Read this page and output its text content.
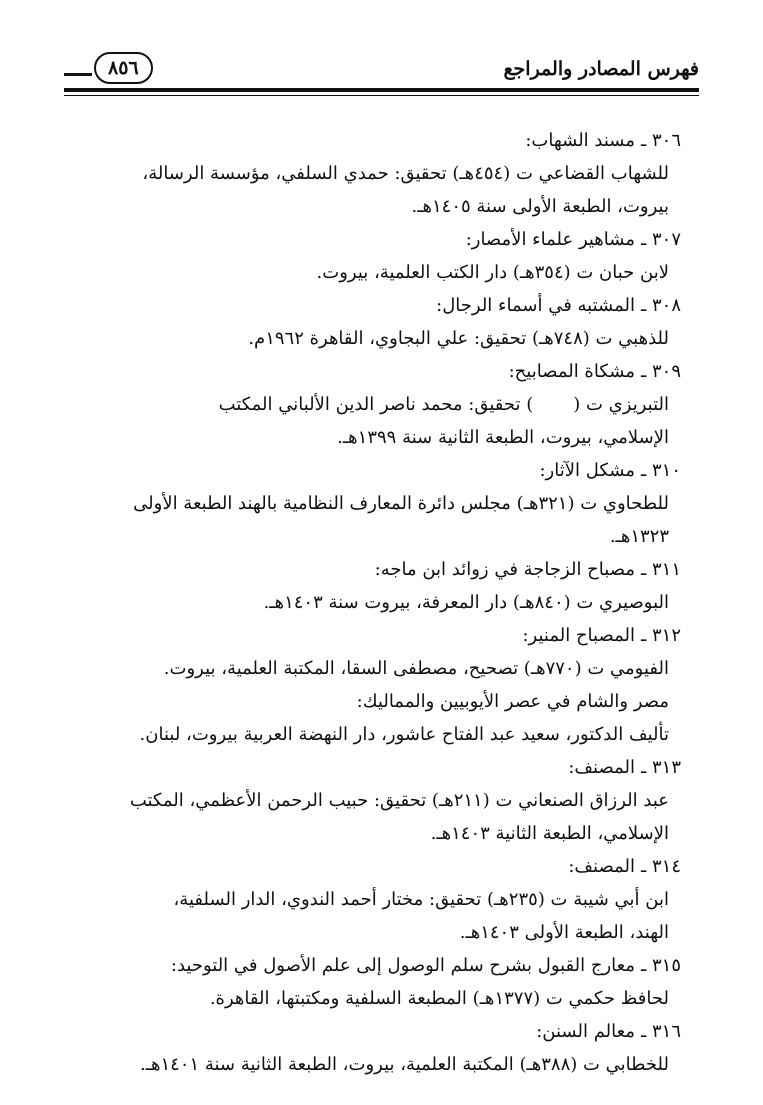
فهرس المصادر والمراجع
٨٥٦
٣٠٦ ـ
مسند الشهاب:
للشهاب القضاعي ت (٤٥٤هـ) تحقيق: حمدي السلفي، مؤسسة الرسالة،
بيروت، الطبعة الأولى سنة ١٤٠٥هـ.
٣٠٧ ـ
مشاهير علماء الأمصار:
لابن حبان ت (٣٥٤هـ) دار الكتب العلمية، بيروت.
٣٠٨ ـ
المشتبه في أسماء الرجال:
للذهبي ت (٧٤٨هـ) تحقيق: علي البجاوي، القاهرة ١٩٦٢م.
٣٠٩ ـ
مشكاة المصابيح:
التبريزي ت () تحقيق: محمد ناصر الدين الألباني المكتب
الإسلامي، بيروت، الطبعة الثانية سنة ١٣٩٩هـ.
٣١٠ ـ
مشكل الآثار:
للطحاوي ت (٣٢١هـ) مجلس دائرة المعارف النظامية بالهند الطبعة الأولى
١٣٢٣هـ.
٣١١ ـ
مصباح الزجاجة في زوائد ابن ماجه:
البوصيري ت (٨٤٠هـ) دار المعرفة، بيروت سنة ١٤٠٣هـ.
٣١٢ ـ
المصباح المنير:
الفيومي ت (٧٧٠هـ) تصحيح، مصطفى السقا، المكتبة العلمية، بيروت.
مصر والشام في عصر الأيوبيين والمماليك:
تأليف الدكتور، سعيد عبد الفتاح عاشور، دار النهضة العربية بيروت، لبنان.
٣١٣ ـ
المصنف:
عبد الرزاق الصنعاني ت (٢١١هـ) تحقيق: حبيب الرحمن الأعظمي، المكتب
الإسلامي، الطبعة الثانية ١٤٠٣هـ.
٣١٤ ـ
المصنف:
ابن أبي شيبة ت (٢٣٥هـ) تحقيق: مختار أحمد الندوي، الدار السلفية،
الهند، الطبعة الأولى ١٤٠٣هـ.
٣١٥ ـ
معارج القبول بشرح سلم الوصول إلى علم الأصول في التوحيد:
لحافظ حكمي ت (١٣٧٧هـ) المطبعة السلفية ومكتبتها، القاهرة.
٣١٦ ـ
معالم السنن:
للخطابي ت (٣٨٨هـ) المكتبة العلمية، بيروت، الطبعة الثانية سنة ١٤٠١هـ.
